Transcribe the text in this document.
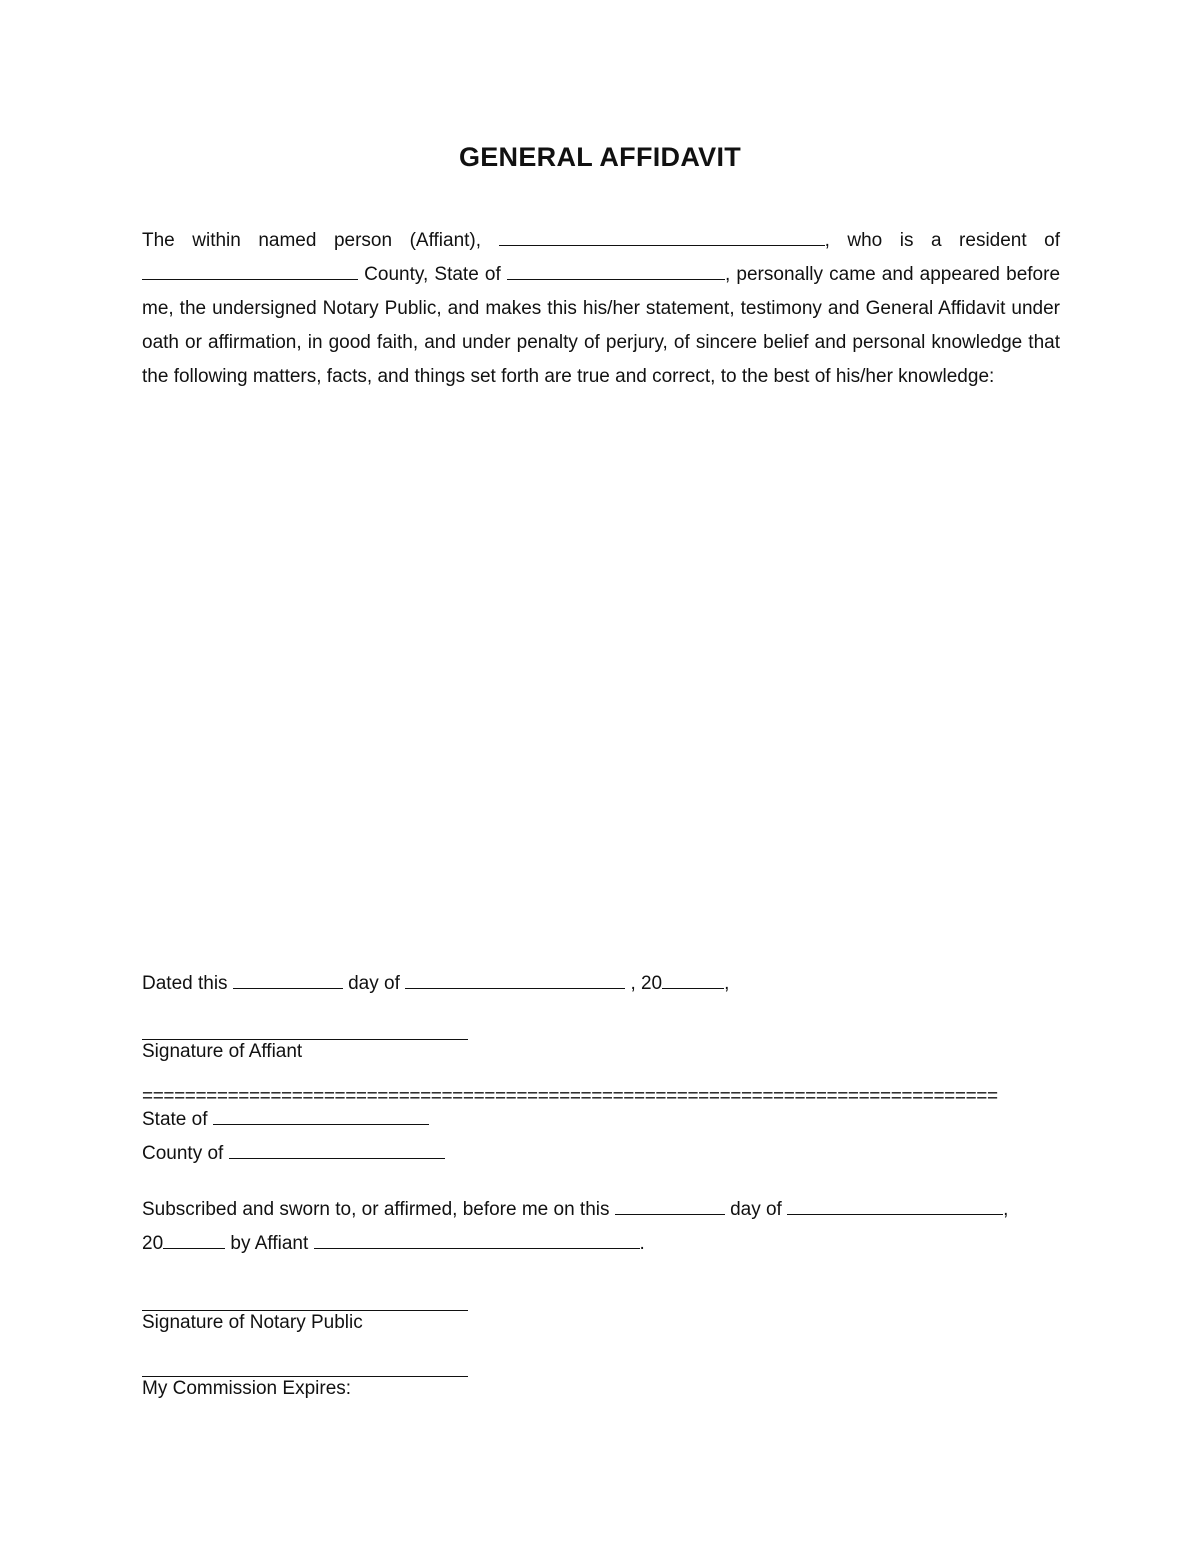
GENERAL AFFIDAVIT
The within named person (Affiant),	, who is a resident of  County, State of	, personally came and appeared before me, the undersigned Notary Public, and makes this his/her statement, testimony and General Affidavit under oath or affirmation, in good faith, and under penalty of perjury, of sincere belief and personal knowledge that the following matters, facts, and things set forth are true and correct, to the best of his/her knowledge:
Dated this	day of	, 20	,
Signature of Affiant
================================================================================
State of
County of
Subscribed and sworn to, or affirmed, before me on this	day of	,
20	by Affiant	.
Signature of Notary Public
My Commission Expires:
